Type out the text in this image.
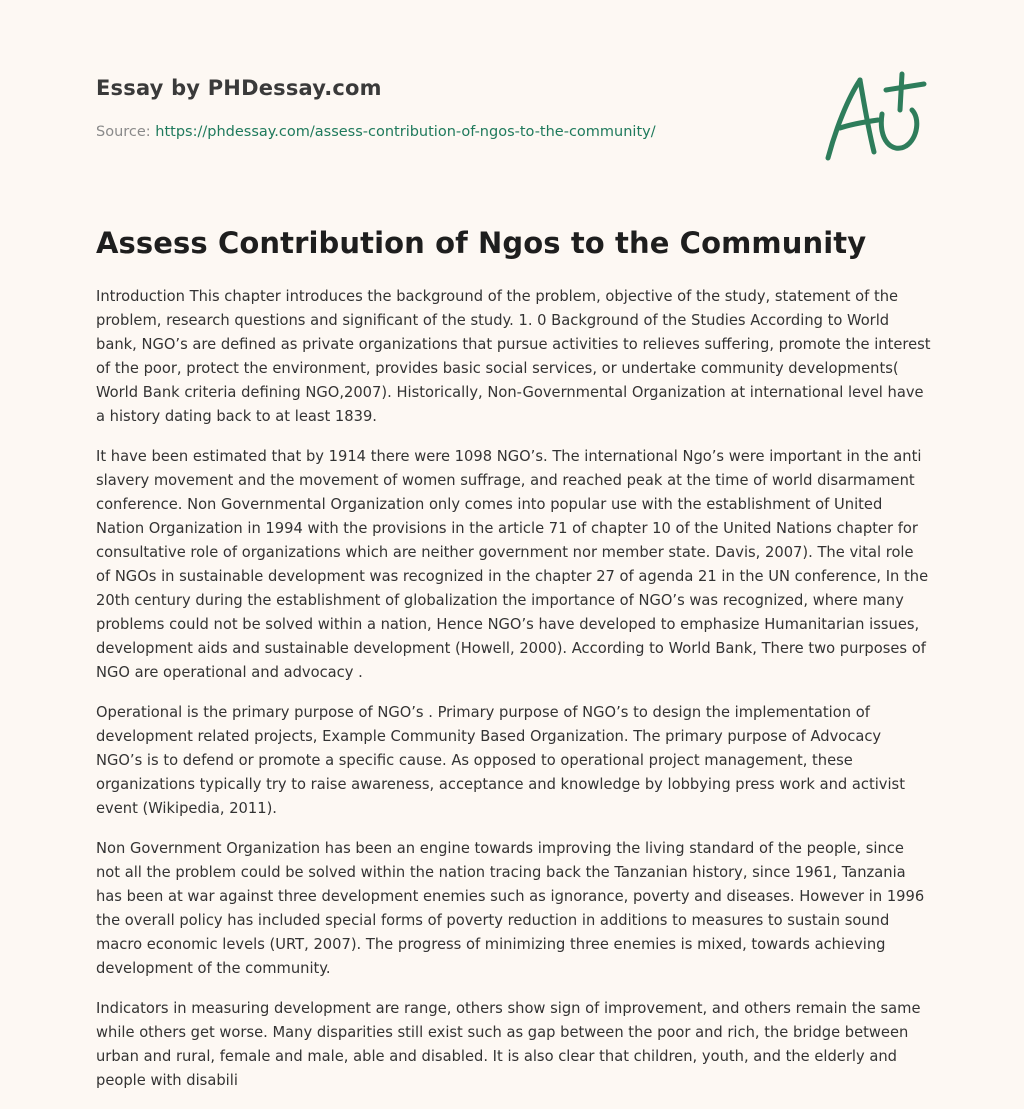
Essay by PHDessay.com
Source: https://phdessay.com/assess-contribution-of-ngos-to-the-community/
Assess Contribution of Ngos to the Community

Introduction This chapter introduces the background of the problem, objective of the study, statement of the problem, research questions and significant of the study. 1. 0 Background of the Studies According to World bank, NGO’s are defined as private organizations that pursue activities to relieves suffering, promote the interest of the poor, protect the environment, provides basic social services, or undertake community developments( World Bank criteria defining NGO,2007). Historically, Non-Governmental Organization at international level have a history dating back to at least 1839.

It have been estimated that by 1914 there were 1098 NGO’s. The international Ngo’s were important in the anti slavery movement and the movement of women suffrage, and reached peak at the time of world disarmament conference. Non Governmental Organization only comes into popular use with the establishment of United Nation Organization in 1994 with the provisions in the article 71 of chapter 10 of the United Nations chapter for consultative role of organizations which are neither government nor member state. Davis, 2007). The vital role of NGOs in sustainable development was recognized in the chapter 27 of agenda 21 in the UN conference, In the 20th century during the establishment of globalization the importance of NGO’s was recognized, where many problems could not be solved within a nation, Hence NGO’s have developed to emphasize Humanitarian issues, development aids and sustainable development (Howell, 2000). According to World Bank, There two purposes of NGO are operational and advocacy .

Operational is the primary purpose of NGO’s . Primary purpose of NGO’s to design the implementation of development related projects, Example Community Based Organization. The primary purpose of Advocacy NGO’s is to defend or promote a specific cause. As opposed to operational project management, these organizations typically try to raise awareness, acceptance and knowledge by lobbying press work and activist event (Wikipedia, 2011).

Non Government Organization has been an engine towards improving the living standard of the people, since not all the problem could be solved within the nation tracing back the Tanzanian history, since 1961, Tanzania has been at war against three development enemies such as ignorance, poverty and diseases. However in 1996 the overall policy has included special forms of poverty reduction in additions to measures to sustain sound macro economic levels (URT, 2007). The progress of minimizing three enemies is mixed, towards achieving development of the community.

Indicators in measuring development are range, others show sign of improvement, and others remain the same while others get worse. Many disparities still exist such as gap between the poor and rich, the bridge between urban and rural, female and male, able and disabled. It is also clear that children, youth, and the elderly and people with disabili
